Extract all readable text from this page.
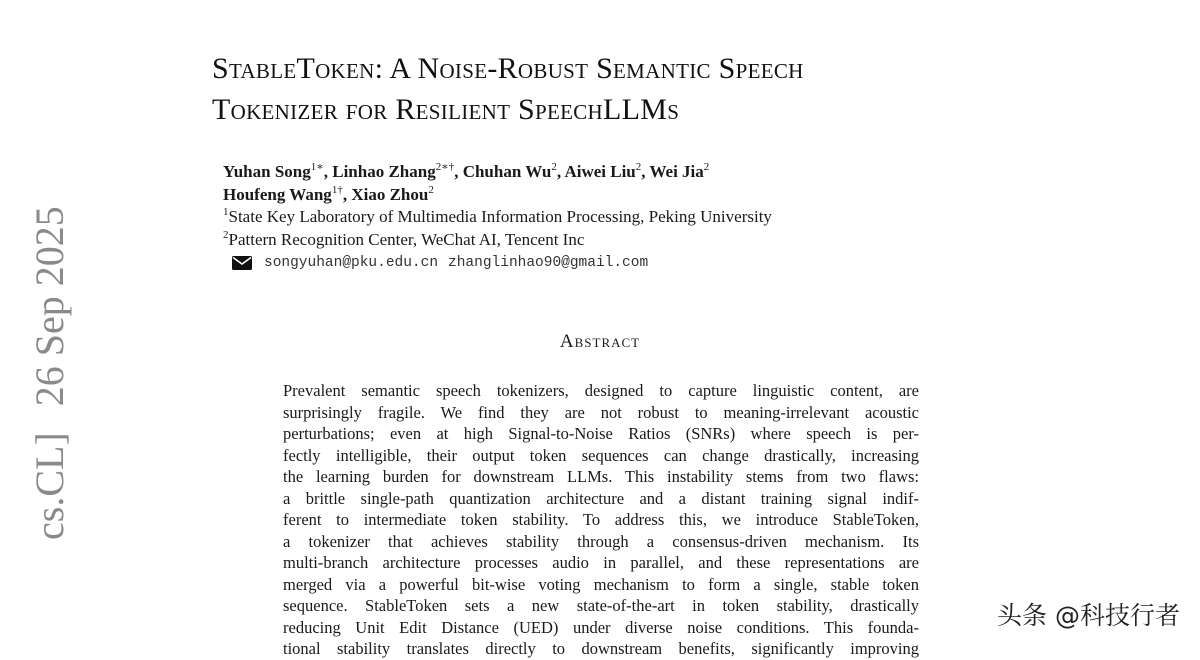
StableToken: A Noise-Robust Semantic Speech
Tokenizer for Resilient SpeechLLMs
Yuhan Song$^{1∗}$, Linhao Zhang$^{2∗\dagger}$, Chuhan Wu$^2$, Aiwei Liu$^2$, Wei Jia$^2$
Houfeng Wang$^{1\dagger}$, Xiao Zhou$^2$
$^1$State Key Laboratory of Multimedia Information Processing, Peking University
$^2$Pattern Recognition Center, WeChat AI, Tencent Inc
songyuhan@pku.edu.cn zhanglinhao90@gmail.com
Abstract
Prevalent semantic speech tokenizers, designed to capture linguistic content, are
surprisingly fragile. We find they are not robust to meaning-irrelevant acoustic
perturbations; even at high Signal-to-Noise Ratios (SNRs) where speech is per-
fectly intelligible, their output token sequences can change drastically, increasing
the learning burden for downstream LLMs. This instability stems from two flaws:
a brittle single-path quantization architecture and a distant training signal indif-
ferent to intermediate token stability. To address this, we introduce StableToken,
a tokenizer that achieves stability through a consensus-driven mechanism. Its
multi-branch architecture processes audio in parallel, and these representations are
merged via a powerful bit-wise voting mechanism to form a single, stable token
sequence. StableToken sets a new state-of-the-art in token stability, drastically
reducing Unit Edit Distance (UED) under diverse noise conditions. This founda-
tional stability translates directly to downstream benefits, significantly improving
cs.CL]26 Sep 2025
头条 @科技行者
